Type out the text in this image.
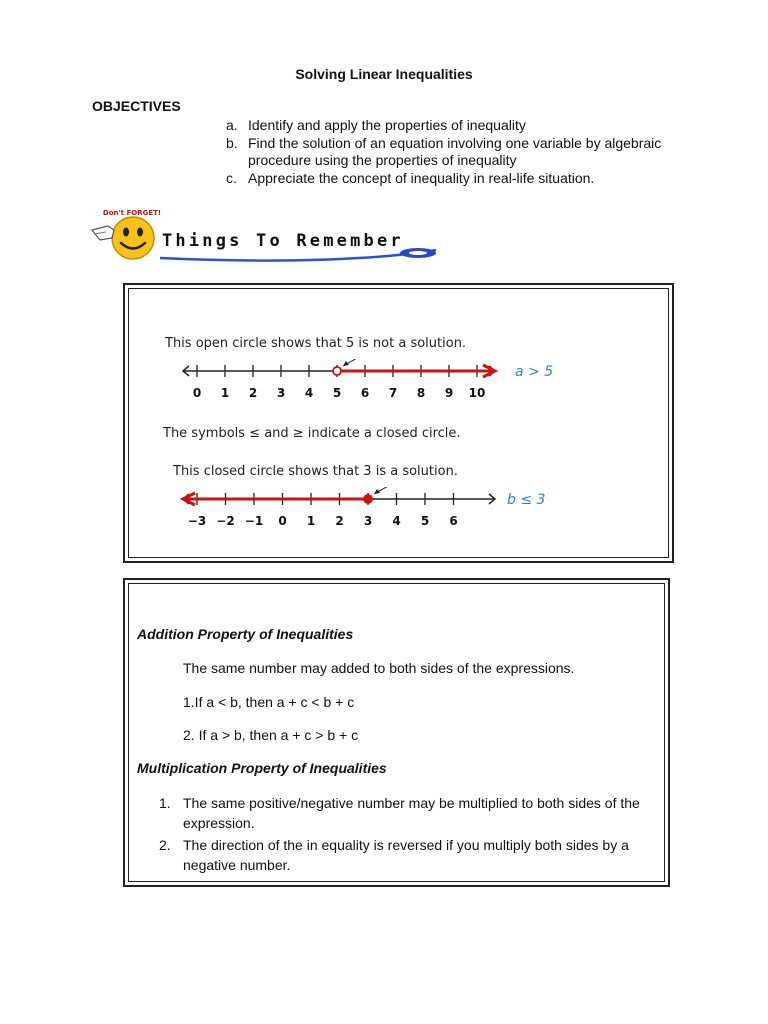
Solving Linear Inequalities
OBJECTIVES
a. Identify and apply the properties of inequality
b. Find the solution of an equation involving one variable by algebraic procedure using the properties of inequality
c. Appreciate the concept of inequality in real-life situation.
Don't FORGET!
Things To Remember
This open circle shows that 5 is not a solution.
0 1 2 3 4 5 6 7 8 9 10
a > 5
The symbols ≤ and ≥ indicate a closed circle.
This closed circle shows that 3 is a solution.
−3 −2 −1 0 1 2 3 4 5 6
b ≤ 3
Addition Property of Inequalities
The same number may added to both sides of the expressions.
1.If a < b, then a + c < b + c
2. If a > b, then a + c > b + c
Multiplication Property of Inequalities
1. The same positive/negative number may be multiplied to both sides of the expression.
2. The direction of the in equality is reversed if you multiply both sides by a negative number.
